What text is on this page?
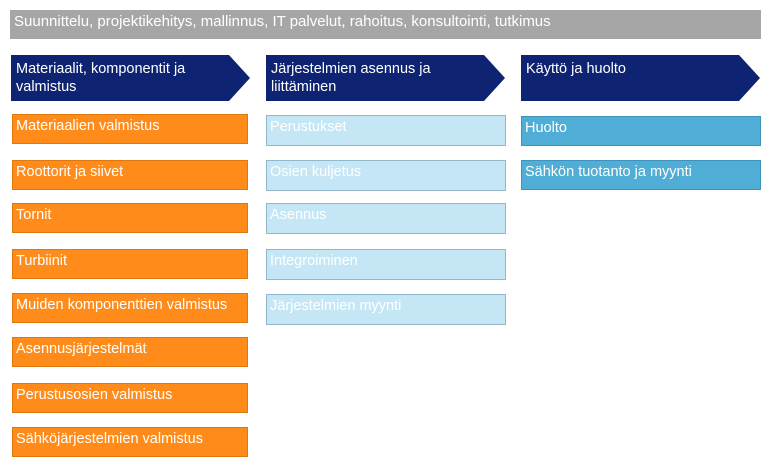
Suunnittelu, projektikehitys, mallinnus, IT palvelut, rahoitus, konsultointi, tutkimus
Materiaalit, komponentit ja valmistus
Materiaalien valmistus
Roottorit ja siivet
Tornit
Turbiinit
Muiden komponenttien valmistus
Asennusjärjestelmät
Perustusosien valmistus
Sähköjärjestelmien valmistus
Järjestelmien asennus ja liittäminen
Perustukset
Osien kuljetus
Asennus
Integroiminen
Järjestelmien myynti
Käyttö ja huolto
Huolto
Sähkön tuotanto ja myynti
